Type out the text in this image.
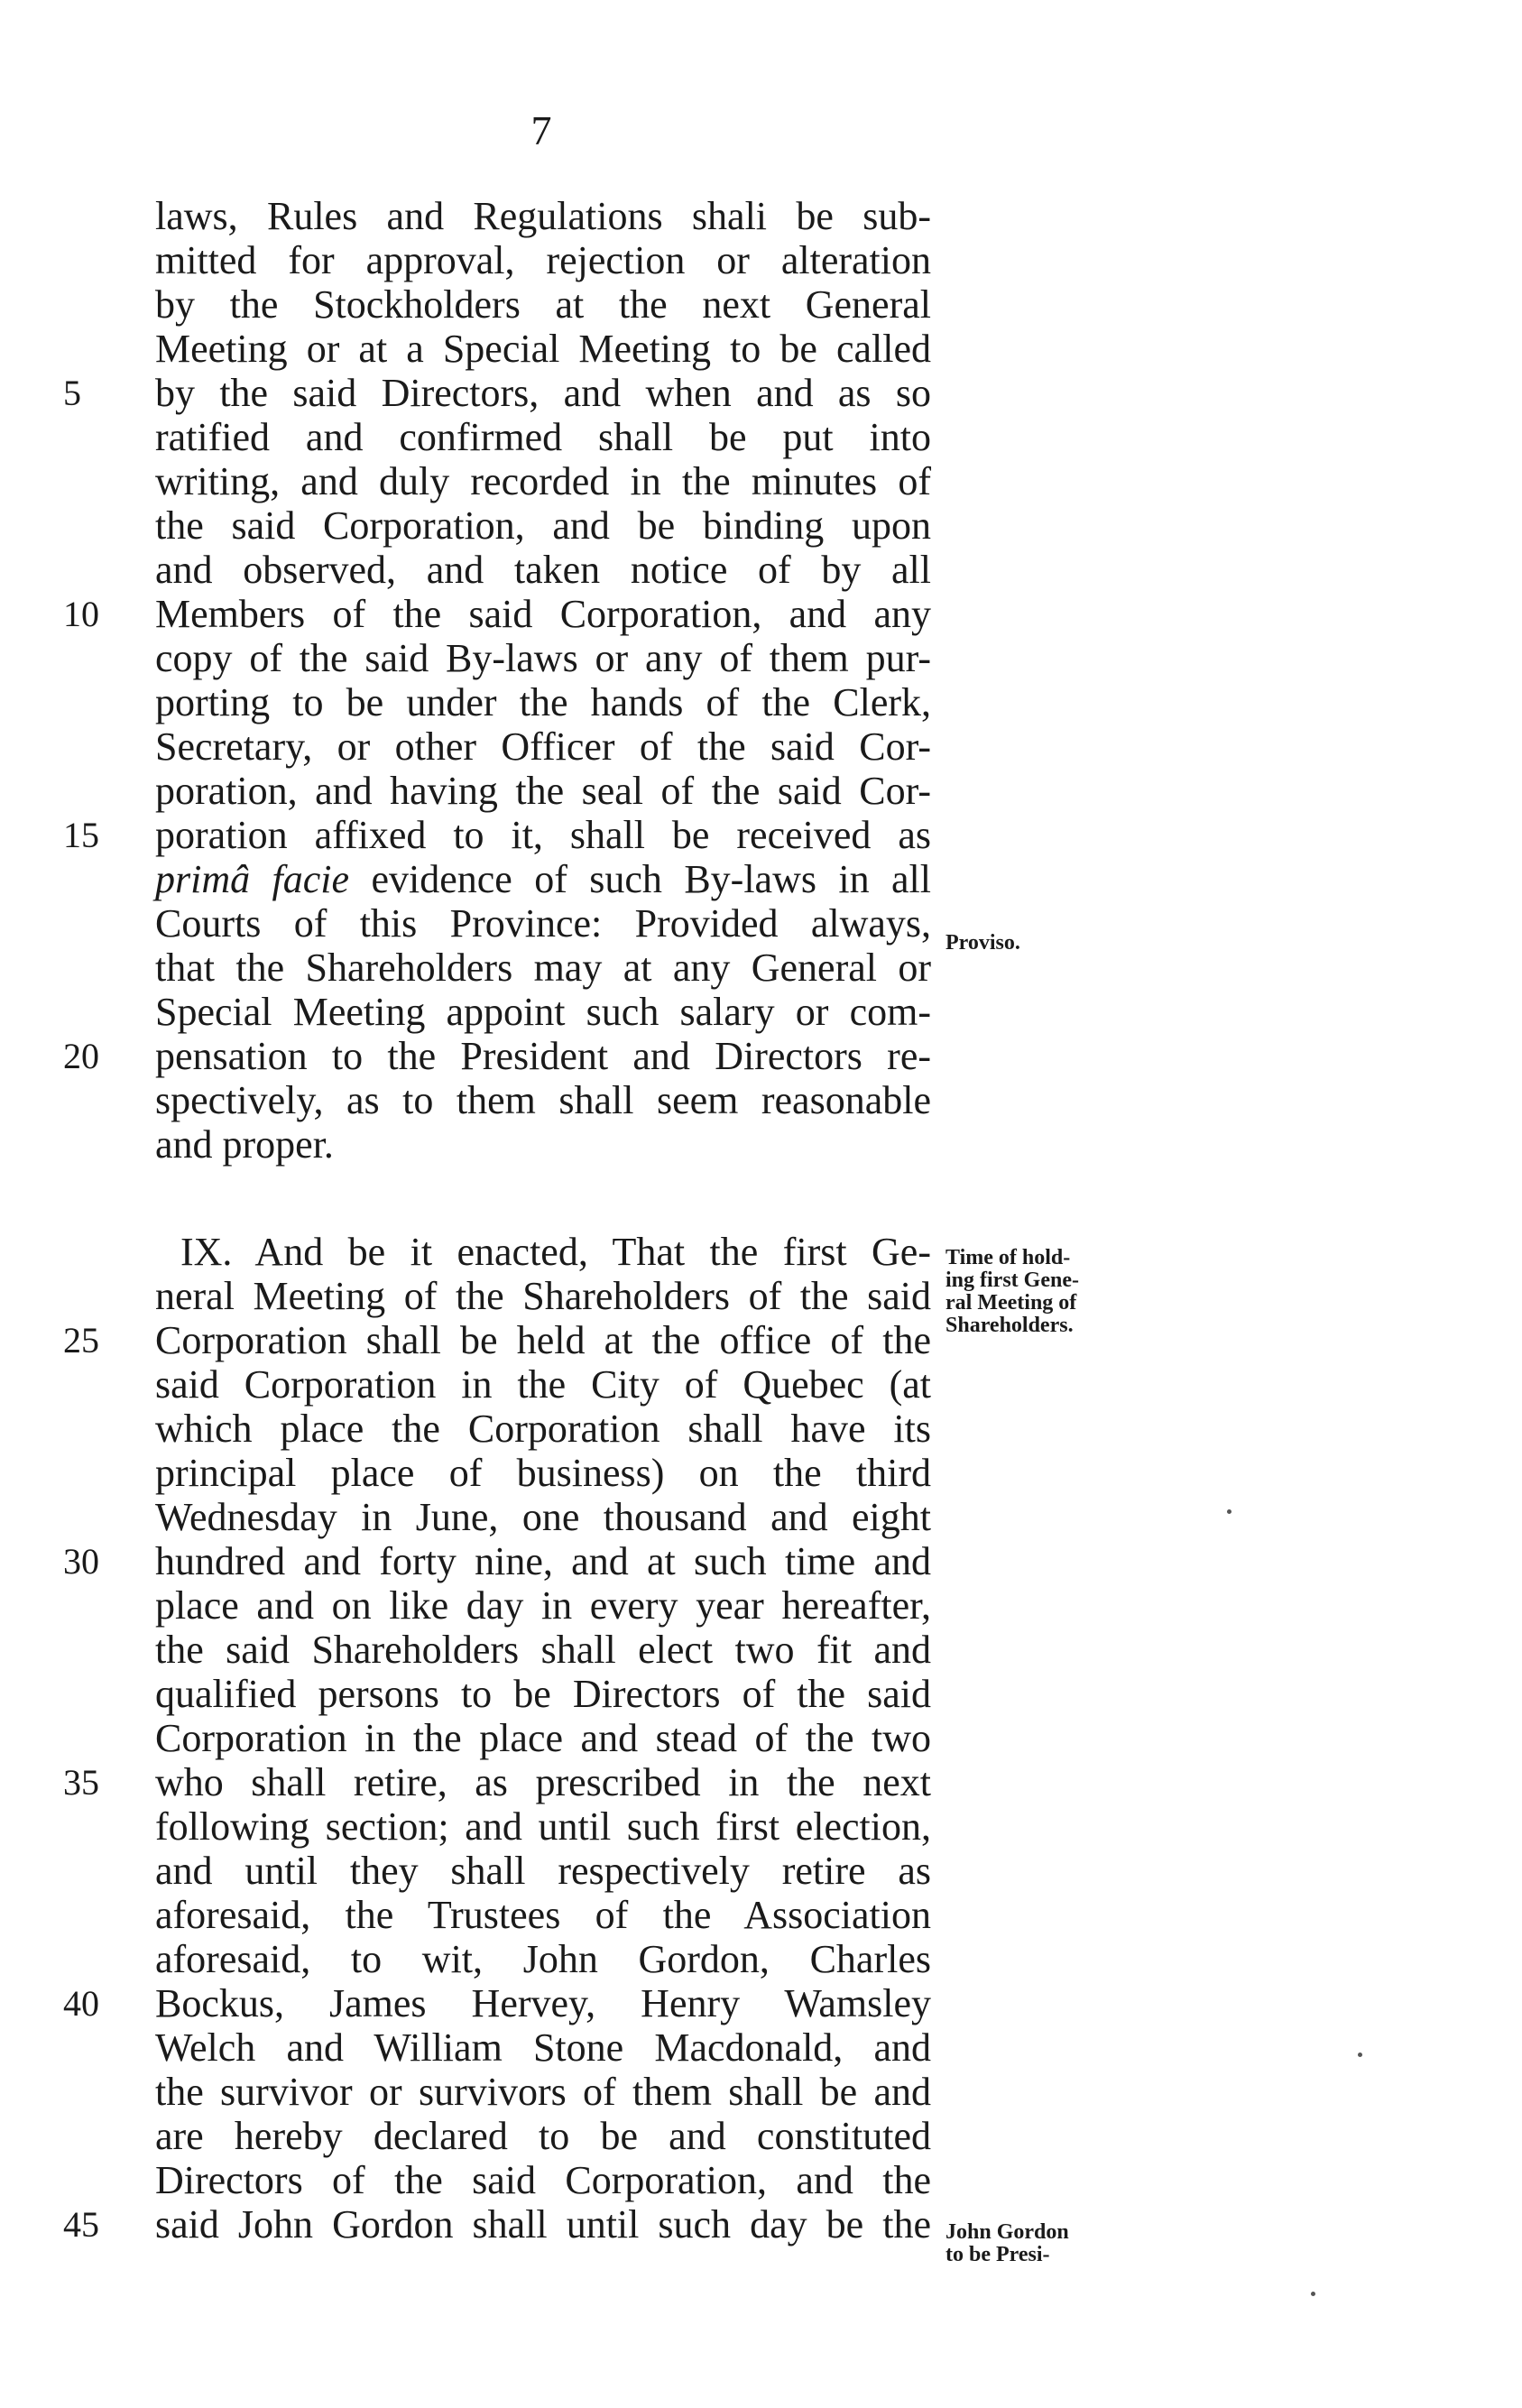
7
laws, Rules and Regulations shali be sub-
mitted for approval, rejection or alteration
by the Stockholders at the next General
Meeting or at a Special Meeting to be called
5	by the said Directors, and when and as so
ratified and confirmed shall be put into
writing, and duly recorded in the minutes of
the said Corporation, and be binding upon
and observed, and taken notice of by all
10	Members of the said Corporation, and any
copy of the said By-laws or any of them pur-
porting to be under the hands of the Clerk,
Secretary, or other Officer of the said Cor-
poration, and having the seal of the said Cor-
15	poration affixed to it, shall be received as
primâ facie evidence of such By-laws in all
Courts of this Province: Provided always,
that the Shareholders may at any General or
Special Meeting appoint such salary or com-
20	pensation to the President and Directors re-
spectively, as to them shall seem reasonable
and proper.
IX. And be it enacted, That the first Ge-
neral Meeting of the Shareholders of the said
25	Corporation shall be held at the office of the
said Corporation in the City of Quebec (at
which place the Corporation shall have its
principal place of business) on the third
Wednesday in June, one thousand and eight
30	hundred and forty nine, and at such time and
place and on like day in every year hereafter,
the said Shareholders shall elect two fit and
qualified persons to be Directors of the said
Corporation in the place and stead of the two
35	who shall retire, as prescribed in the next
following section; and until such first election,
and until they shall respectively retire as
aforesaid, the Trustees of the Association
aforesaid, to wit, John Gordon, Charles
40	Bockus, James Hervey, Henry Wamsley
Welch and William Stone Macdonald, and
the survivor or survivors of them shall be and
are hereby declared to be and constituted
Directors of the said Corporation, and the
45	said John Gordon shall until such day be the
Proviso.
Time of hold-
ing first Gene-
ral Meeting of
Shareholders.
John Gordon
to be Presi-
